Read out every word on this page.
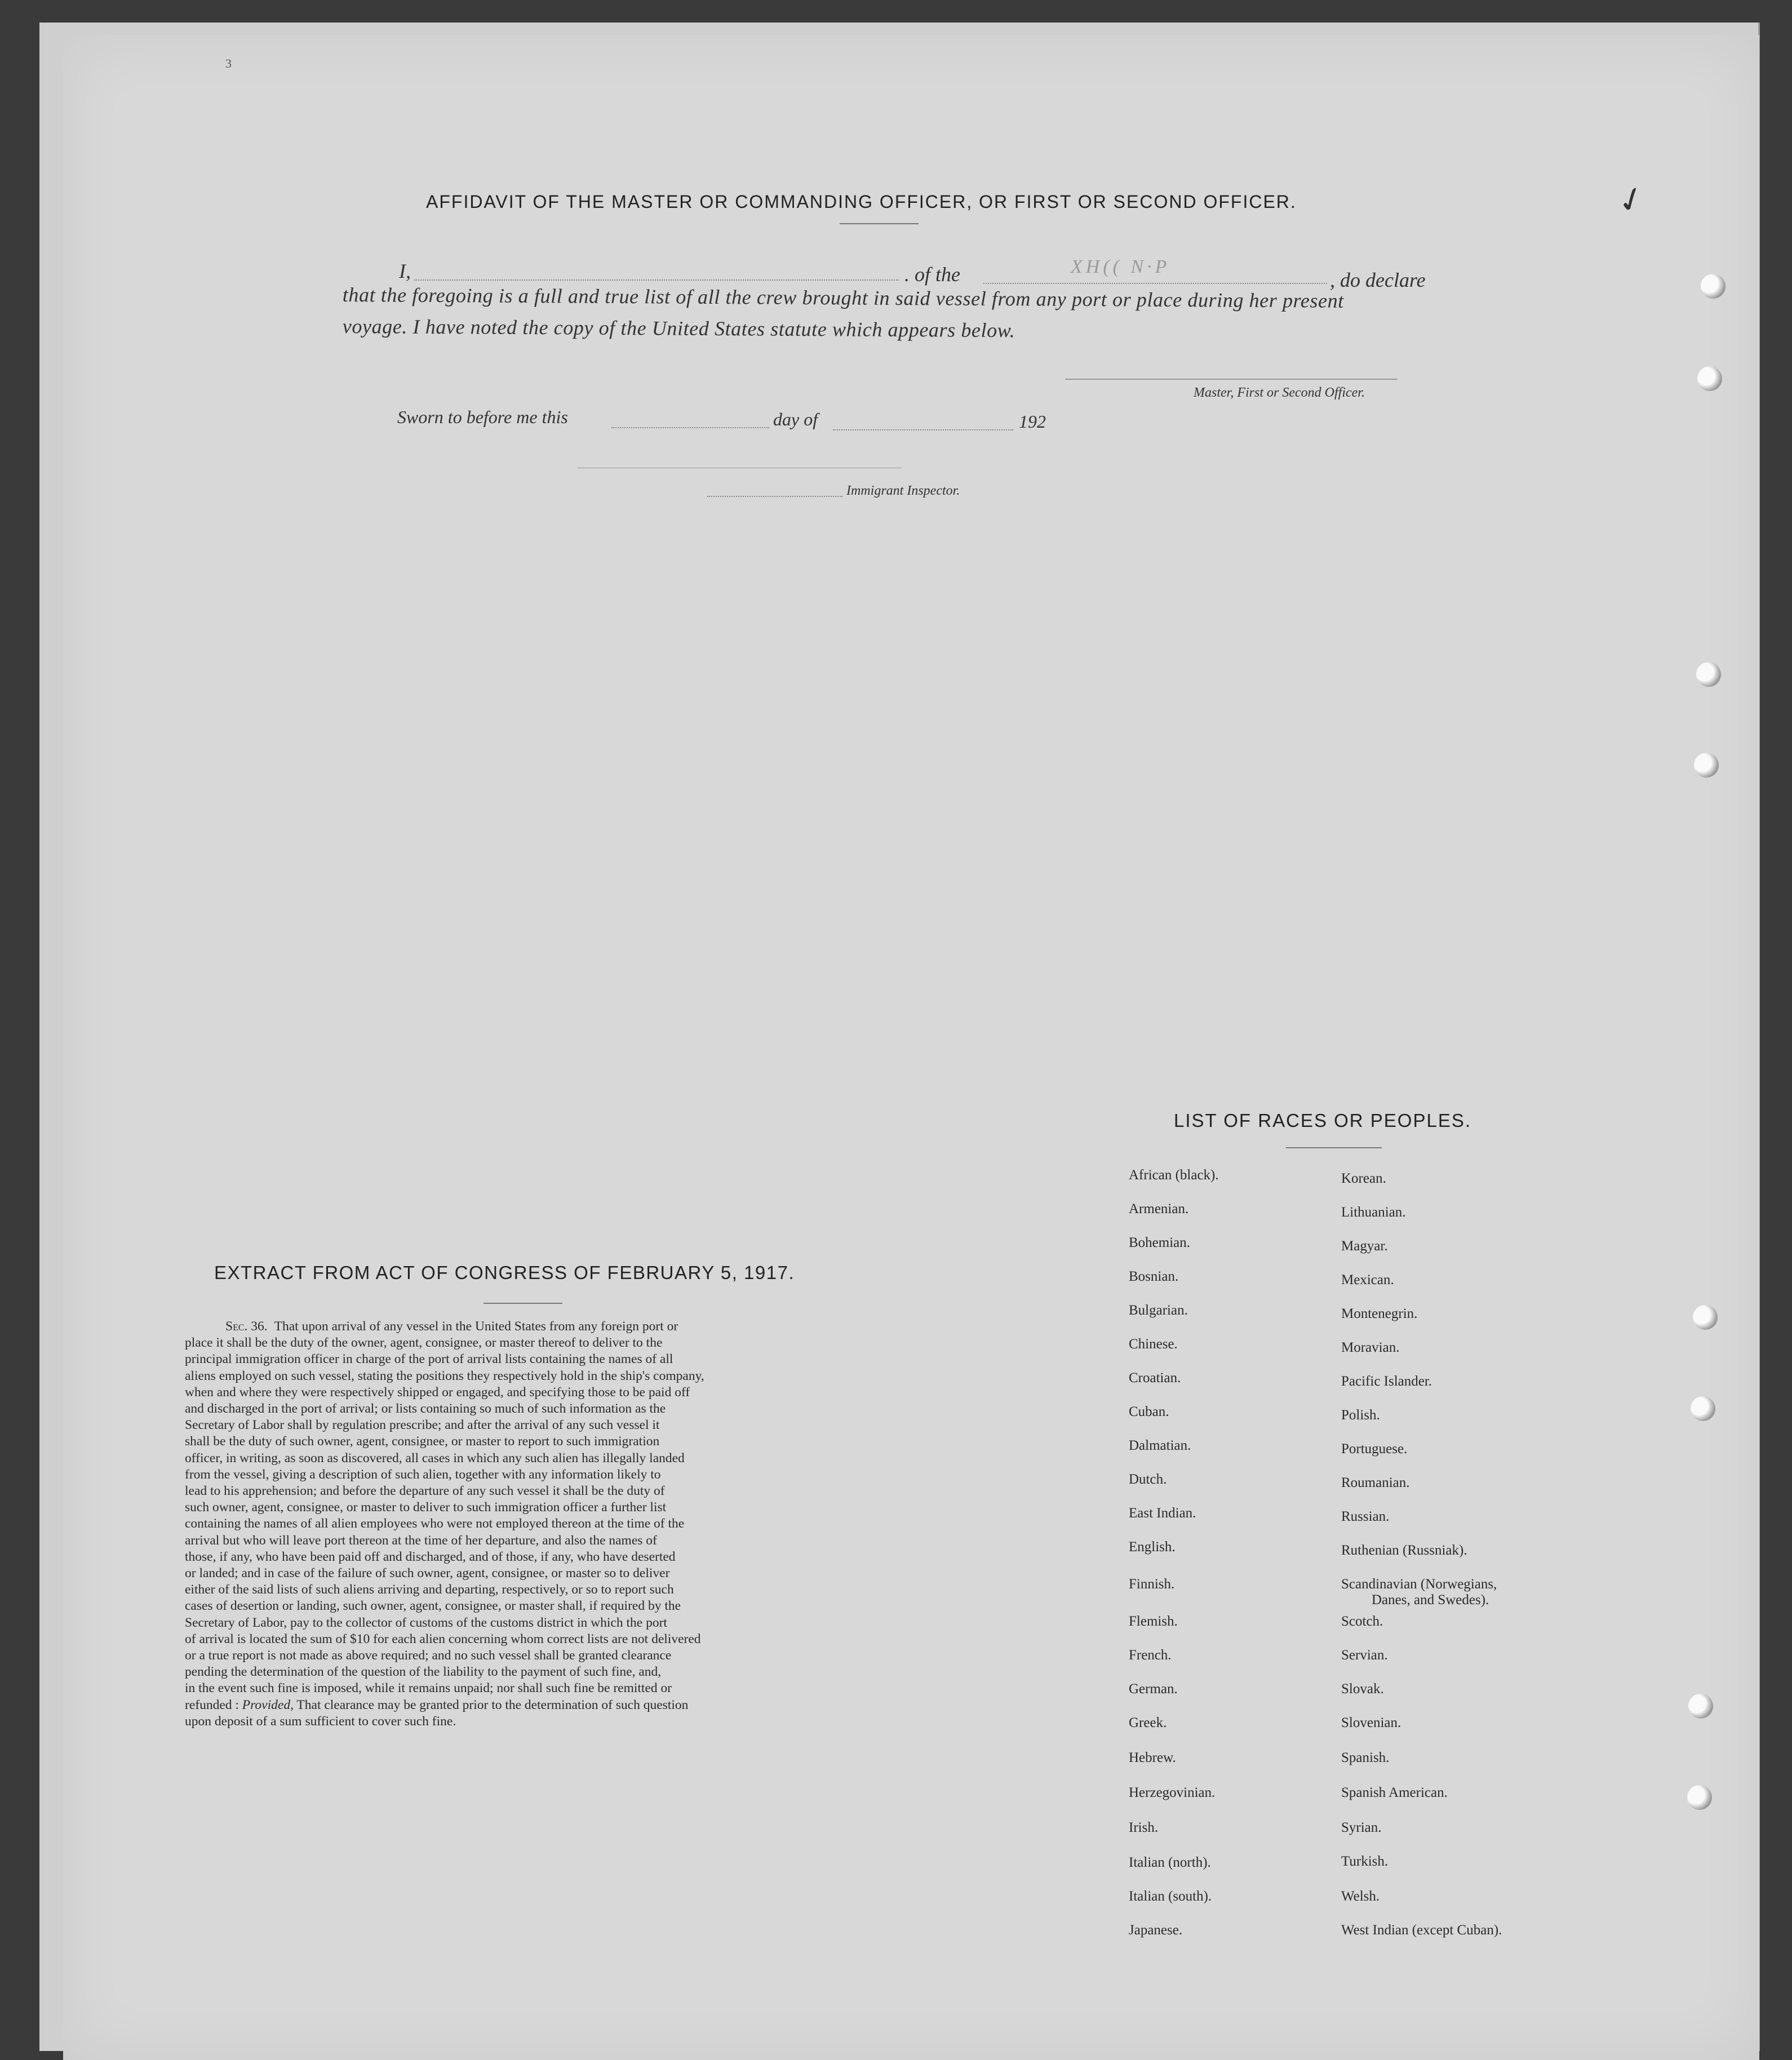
3
✓
AFFIDAVIT OF THE MASTER OR COMMANDING OFFICER, OR FIRST OR SECOND OFFICER.
I,	. of the	XH(( N·P
, do declare
that the foregoing is a full and true list of all the crew brought in said vessel from any port or place during her present
voyage. I have noted the copy of the United States statute which appears below.
Master, First or Second Officer.
Sworn to before me this	day of	192
Immigrant Inspector.
EXTRACT FROM ACT OF CONGRESS OF FEBRUARY 5, 1917.
Sec. 36. That upon arrival of any vessel in the United States from any foreign port or
place it shall be the duty of the owner, agent, consignee, or master thereof to deliver to the
principal immigration officer in charge of the port of arrival lists containing the names of all
aliens employed on such vessel, stating the positions they respectively hold in the ship's company,
when and where they were respectively shipped or engaged, and specifying those to be paid off
and discharged in the port of arrival; or lists containing so much of such information as the
Secretary of Labor shall by regulation prescribe; and after the arrival of any such vessel it
shall be the duty of such owner, agent, consignee, or master to report to such immigration
officer, in writing, as soon as discovered, all cases in which any such alien has illegally landed
from the vessel, giving a description of such alien, together with any information likely to
lead to his apprehension; and before the departure of any such vessel it shall be the duty of
such owner, agent, consignee, or master to deliver to such immigration officer a further list
containing the names of all alien employees who were not employed thereon at the time of the
arrival but who will leave port thereon at the time of her departure, and also the names of
those, if any, who have been paid off and discharged, and of those, if any, who have deserted
or landed; and in case of the failure of such owner, agent, consignee, or master so to deliver
either of the said lists of such aliens arriving and departing, respectively, or so to report such
cases of desertion or landing, such owner, agent, consignee, or master shall, if required by the
Secretary of Labor, pay to the collector of customs of the customs district in which the port
of arrival is located the sum of $10 for each alien concerning whom correct lists are not delivered
or a true report is not made as above required; and no such vessel shall be granted clearance
pending the determination of the question of the liability to the payment of such fine, and,
in the event such fine is imposed, while it remains unpaid; nor shall such fine be remitted or
refunded : Provided, That clearance may be granted prior to the determination of such question
upon deposit of a sum sufficient to cover such fine.
LIST OF RACES OR PEOPLES.
African (black).
Armenian.
Bohemian.
Bosnian.
Bulgarian.
Chinese.
Croatian.
Cuban.
Dalmatian.
Dutch.
East Indian.
English.
Finnish.
Flemish.
French.
German.
Greek.
Hebrew.
Herzegovinian.
Irish.
Italian (north).
Italian (south).
Japanese.
Korean.
Lithuanian.
Magyar.
Mexican.
Montenegrin.
Moravian.
Pacific Islander.
Polish.
Portuguese.
Roumanian.
Russian.
Ruthenian (Russniak).
Scandinavian (Norwegians,
Danes, and Swedes).
Scotch.
Servian.
Slovak.
Slovenian.
Spanish.
Spanish American.
Syrian.
Turkish.
Welsh.
West Indian (except Cuban).
